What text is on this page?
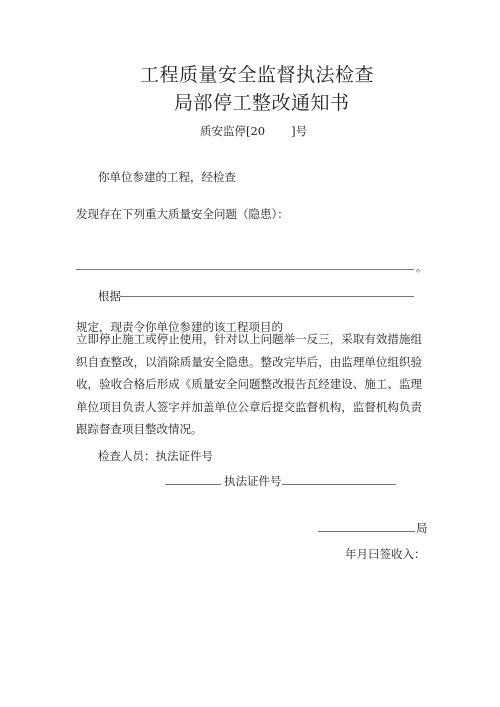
工程质量安全监督执法检查
局部停工整改通知书
质安监停[20 ]号
你单位参建的工程，经检查
发现存在下列重大质量安全问题（隐患）：
。
根据
规定，现责令你单位参建的该工程项目的
立即停止施工或停止使用，针对以上问题举一反三，采取有效措施组织自查整改，以消除质量安全隐患。整改完毕后，由监理单位组织验收，验收合格后形成《质量安全问题整改报告瓦经建设、施工、监理单位项目负责人签字并加盖单位公章后提交监督机构，监督机构负责跟踪督查项目整改情况。
检查人员：执法证件号
执法证件号
局
年月曰签收入：
